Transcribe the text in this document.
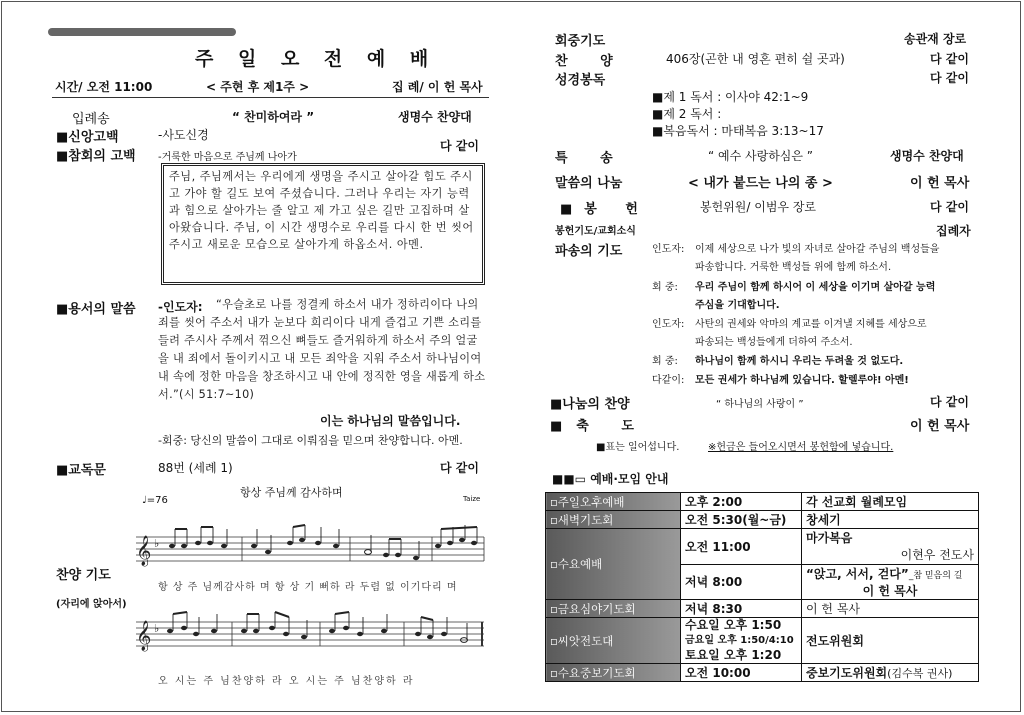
주 일 오 전 예 배
시간/ 오전 11:00	< 주현 후 제1주 >	집 례/ 이 헌 목사
입례송	“ 찬미하여라 ”	생명수 찬양대
■신앙고백	-사도신경
다 같이
■참회의 고백 -거룩한 마음으로 주님께 나아가
주님, 주님께서는 우리에게 생명을 주시고 살아갈 힘도 주시고 가야 할 길도 보여 주셨습니다. 그러나 우리는 자기 능력과 힘으로 살아가는 줄 알고 제 가고 싶은 길만 고집하며 살아왔습니다. 주님, 이 시간 생명수로 우리를 다시 한 번 씻어 주시고 새로운 모습으로 살아가게 하옵소서. 아멘.
■용서의 말씀 -인도자:	“우슬초로 나를 정결케 하소서 내가 정하리이다 나의 죄를 씻어 주소서 내가 눈보다 희리이다 내게 즐겁고 기쁜 소리를 들려 주시사 주께서 꺾으신 뼈들도 즐거워하게 하소서 주의 얼굴을 내 죄에서 돌이키시고 내 모든 죄악을 지워 주소서 하나님이여 내 속에 정한 마음을 창조하시고 내 안에 정직한 영을 새롭게 하소서.”(시 51:7~10)
이는 하나님의 말씀입니다.
-회중: 당신의 말씀이 그대로 이뤄짐을 믿으며 찬양합니다. 아멘.
■교독문	88번 (세례 1)	다 같이
항상 주님께 감사하며
♩=76	Taize
찬양 기도
(자리에 앉아서)
𝄞 ♭
항 상 주 님께감사하 며 항 상 기 뻐하 라 두렴 없 이기다리 며
𝄞 ♭
오 시는 주 님찬양하 라 오 시는 주 님찬양하 라
회중기도	송관재 장로
찬 양	406장(곤한 내 영혼 편히 쉴 곳과)	다 같이
성경봉독	다 같이
■제 1 독서 : 이사야 42:1~9
■제 2 독서 :
■복음독서 : 마태복음 3:13~17
특 송	“ 예수 사랑하심은 ”	생명수 찬양대
말씀의 나눔	< 내가 붙드는 나의 종 >	이 헌 목사
■봉 헌	봉헌위원/ 이범우 장로	다 같이
봉헌기도/교회소식	집례자
파송의 기도	인도자: 이제 세상으로 나가 빛의 자녀로 살아갈 주님의 백성들을
파송합니다. 거룩한 백성들 위에 함께 하소서.
회 중: 우리 주님이 함께 하시어 이 세상을 이기며 살아갈 능력
주심을 기대합니다.
인도자: 사탄의 권세와 악마의 계교를 이겨낼 지혜를 세상으로
파송되는 백성들에게 더하여 주소서.
회 중: 하나님이 함께 하시니 우리는 두려울 것 없도다.
다같이: 모든 권세가 하나님께 있습니다. 할렐루야! 아멘!
■나눔의 찬양	“ 하나님의 사랑이 ”	다 같이
■축 도	이 헌 목사
■표는 일어섭니다.	※헌금은 들어오시면서 봉헌함에 넣습니다.
■■▭ 예배·모임 안내
▫주일오후예배	오후 2:00	각 선교회 월례모임
▫새벽기도회	오전 5:30(월~금)	창세기
▫수요예배	오전 11:00	마가복음
이현우 전도사

	저녁 8:00	“앉고, 서서, 걷다”_참 믿음의 길
이 헌 목사

▫금요심야기도회	저녁 8:30	이 헌 목사
▫씨앗전도대	수요일 오후 1:50
금요일 오후 1:50/4:10
토요일 오후 1:20	전도위원회
▫수요중보기도회	오전 10:00	중보기도위원회(김수복 권사)
